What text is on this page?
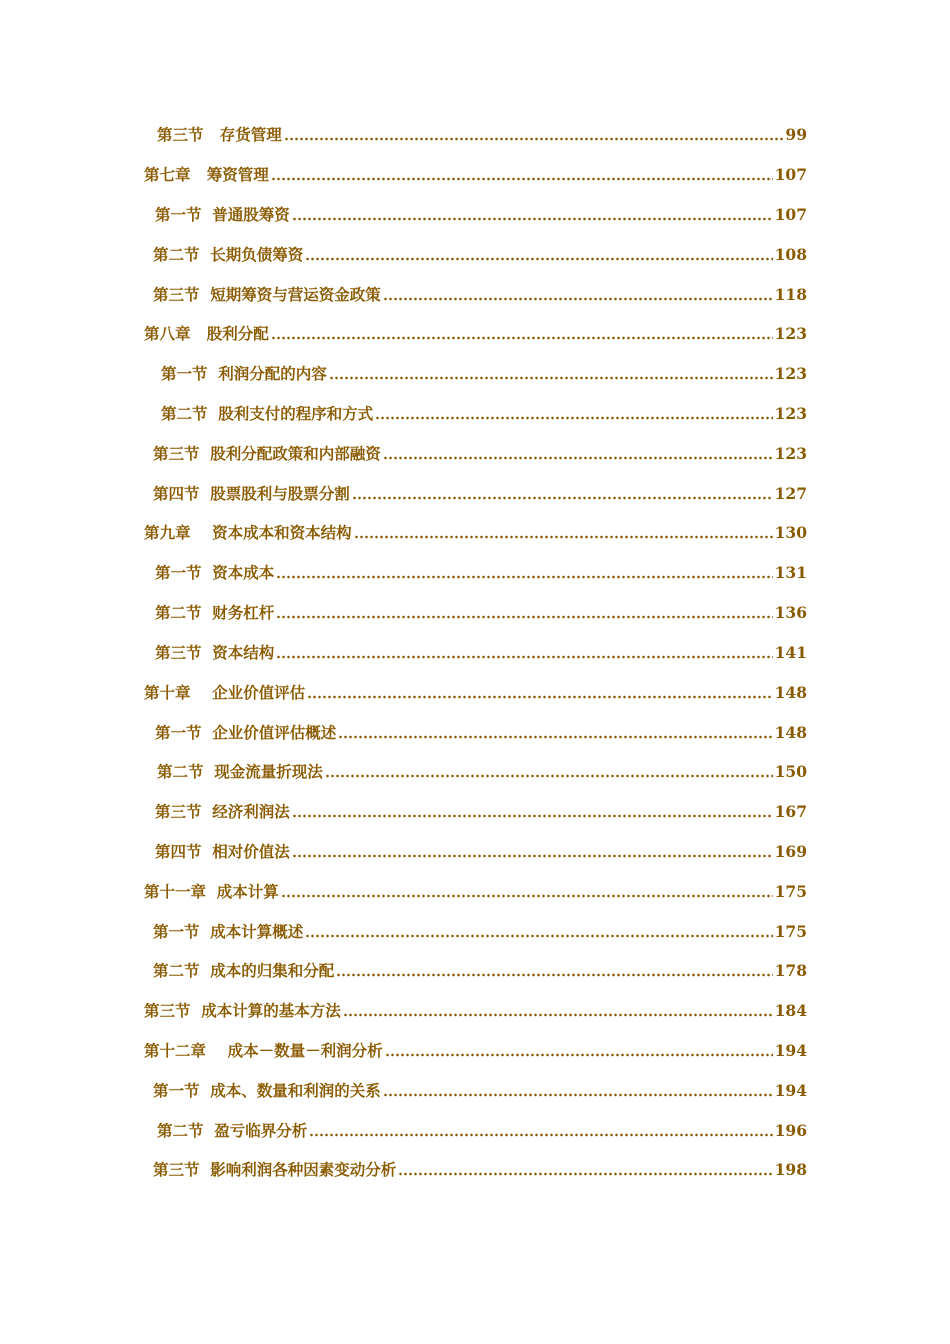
第三节   存货管理	99
第七章   筹资管理	107
第一节  普通股筹资	107
第二节  长期负债筹资	108
第三节  短期筹资与营运资金政策	118
第八章   股利分配	123
第一节  利润分配的内容	123
第二节  股利支付的程序和方式	123
第三节  股利分配政策和内部融资	123
第四节  股票股利与股票分割	127
第九章    资本成本和资本结构	130
第一节  资本成本	131
第二节  财务杠杆	136
第三节  资本结构	141
第十章    企业价值评估	148
第一节  企业价值评估概述	148
第二节  现金流量折现法	150
第三节  经济利润法	167
第四节  相对价值法	169
第十一章  成本计算	175
第一节  成本计算概述	175
第二节  成本的归集和分配	178
第三节  成本计算的基本方法	184
第十二章    成本－数量－利润分析	194
第一节  成本、数量和利润的关系	194
第二节  盈亏临界分析	196
第三节  影响利润各种因素变动分析	198
